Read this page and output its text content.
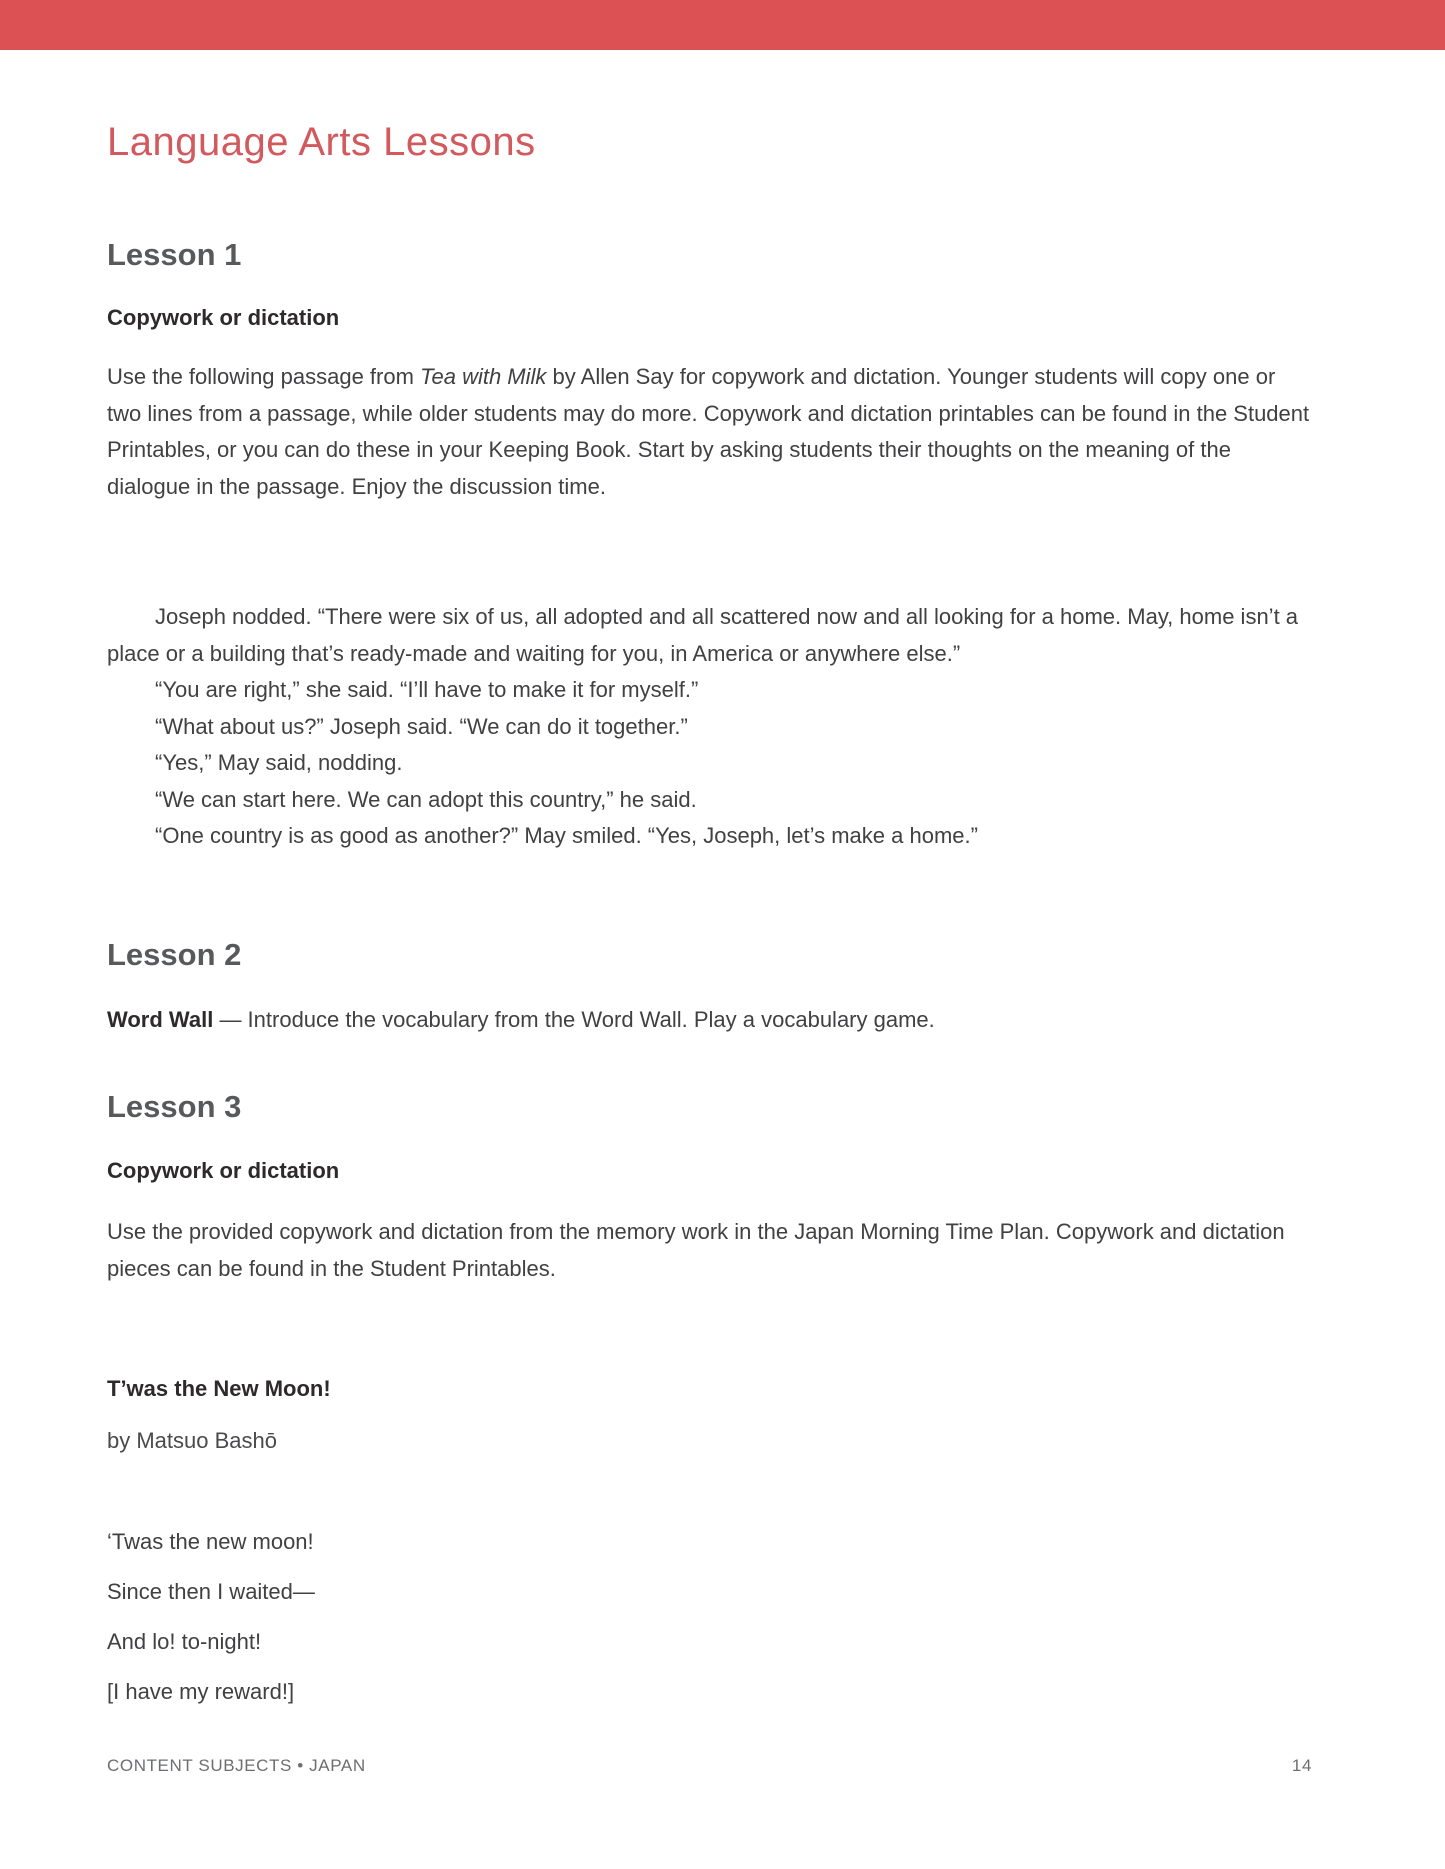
Language Arts Lessons
Lesson 1
Copywork or dictation

Use the following passage from Tea with Milk by Allen Say for copywork and dictation. Younger students will copy one or two lines from a passage, while older students may do more. Copywork and dictation printables can be found in the Student Printables, or you can do these in your Keeping Book. Start by asking students their thoughts on the meaning of the dialogue in the passage. Enjoy the discussion time.

Joseph nodded. “There were six of us, all adopted and all scattered now and all looking for a home. May, home isn’t a place or a building that’s ready-made and waiting for you, in America or anywhere else.”

“You are right,” she said. “I’ll have to make it for myself.”

“What about us?” Joseph said. “We can do it together.”

“Yes,” May said, nodding.

“We can start here. We can adopt this country,” he said.

“One country is as good as another?” May smiled. “Yes, Joseph, let’s make a home.”

Lesson 2

Word Wall — Introduce the vocabulary from the Word Wall. Play a vocabulary game.

Lesson 3
Copywork or dictation

Use the provided copywork and dictation from the memory work in the Japan Morning Time Plan. Copywork and dictation pieces can be found in the Student Printables.

T’was the New Moon!

by Matsuo Bashō

‘Twas the new moon!

Since then I waited—

And lo! to-night!

[I have my reward!]

CONTENT SUBJECTS • JAPAN	14
